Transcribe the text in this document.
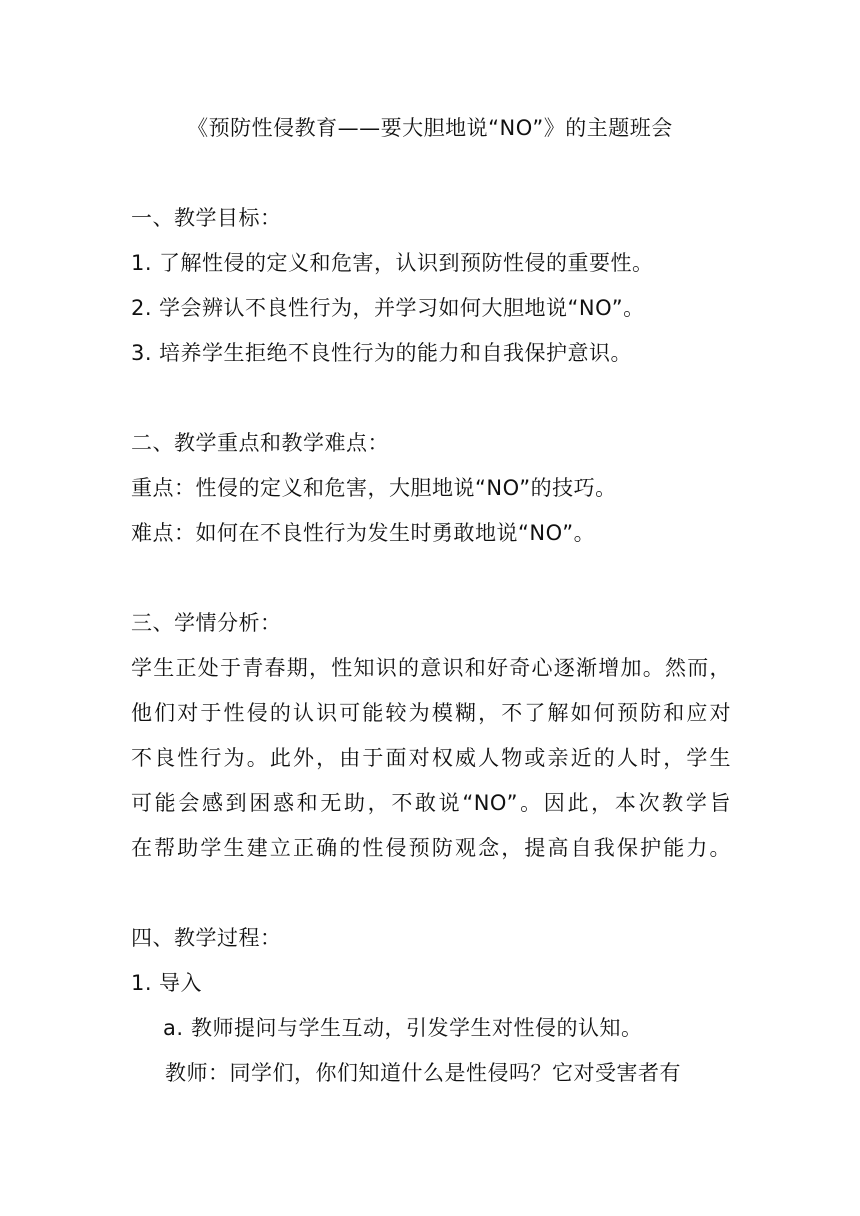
《预防性侵教育——要大胆地说“NO”》的主题班会
一、教学目标：
1. 了解性侵的定义和危害，认识到预防性侵的重要性。
2. 学会辨认不良性行为，并学习如何大胆地说“NO”。
3. 培养学生拒绝不良性行为的能力和自我保护意识。
二、教学重点和教学难点：
重点：性侵的定义和危害，大胆地说“NO”的技巧。
难点：如何在不良性行为发生时勇敢地说“NO”。
三、学情分析：
学生正处于青春期，性知识的意识和好奇心逐渐增加。然而，
他们对于性侵的认识可能较为模糊，不了解如何预防和应对
不良性行为。此外，由于面对权威人物或亲近的人时，学生
可能会感到困惑和无助，不敢说“NO”。因此，本次教学旨
在帮助学生建立正确的性侵预防观念，提高自我保护能力。
四、教学过程：
1. 导入
a. 教师提问与学生互动，引发学生对性侵的认知。
教师：同学们，你们知道什么是性侵吗？它对受害者有
